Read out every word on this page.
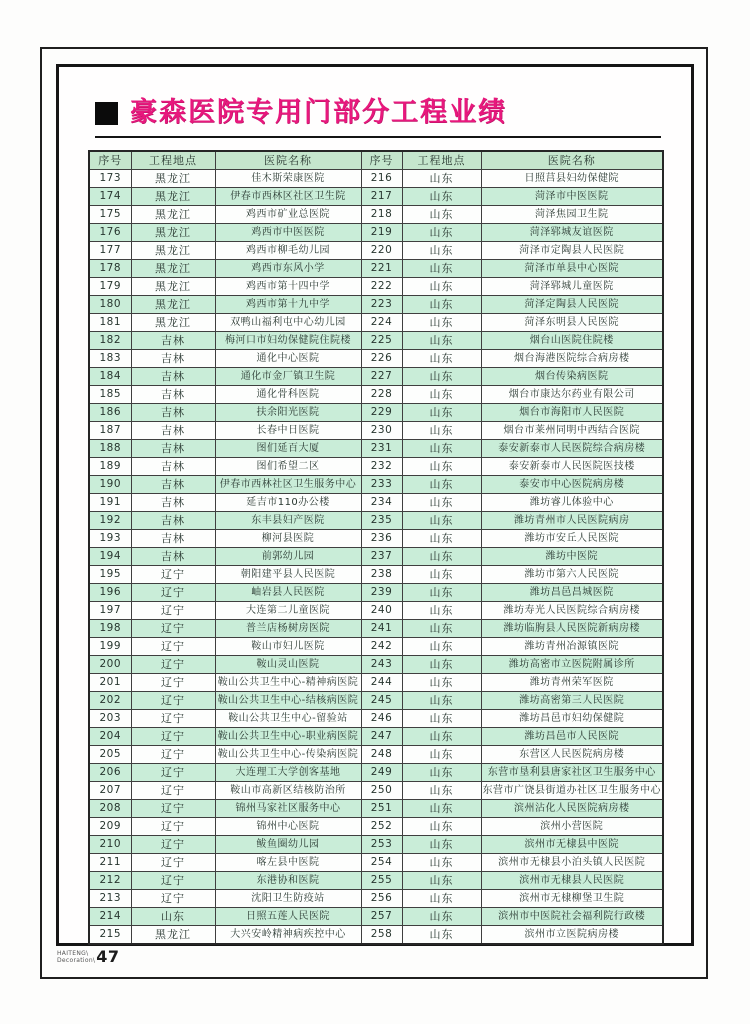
豪森医院专用门部分工程业绩
序号	工程地点	医院名称	序号	工程地点	医院名称
173	黑龙江	佳木斯荣康医院	216	山东	日照莒县妇幼保健院
174	黑龙江	伊春市西林区社区卫生院	217	山东	菏泽市中医医院
175	黑龙江	鸡西市矿业总医院	218	山东	菏泽焦园卫生院
176	黑龙江	鸡西市中医医院	219	山东	菏泽郓城友谊医院
177	黑龙江	鸡西市柳毛幼儿园	220	山东	菏泽市定陶县人民医院
178	黑龙江	鸡西市东风小学	221	山东	菏泽市单县中心医院
179	黑龙江	鸡西市第十四中学	222	山东	菏泽郓城儿童医院
180	黑龙江	鸡西市第十九中学	223	山东	菏泽定陶县人民医院
181	黑龙江	双鸭山福利屯中心幼儿园	224	山东	菏泽东明县人民医院
182	吉林	梅河口市妇幼保健院住院楼	225	山东	烟台山医院住院楼
183	吉林	通化中心医院	226	山东	烟台海港医院综合病房楼
184	吉林	通化市金厂镇卫生院	227	山东	烟台传染病医院
185	吉林	通化骨科医院	228	山东	烟台市康达尔药业有限公司
186	吉林	扶余阳光医院	229	山东	烟台市海阳市人民医院
187	吉林	长春中日医院	230	山东	烟台市莱州同明中西结合医院
188	吉林	图们延百大厦	231	山东	泰安新泰市人民医院综合病房楼
189	吉林	图们希望二区	232	山东	泰安新泰市人民医院医技楼
190	吉林	伊春市西林社区卫生服务中心	233	山东	泰安市中心医院病房楼
191	吉林	延吉市110办公楼	234	山东	潍坊睿儿体验中心
192	吉林	东丰县妇产医院	235	山东	潍坊青州市人民医院病房
193	吉林	柳河县医院	236	山东	潍坊市安丘人民医院
194	吉林	前郭幼儿园	237	山东	潍坊中医院
195	辽宁	朝阳建平县人民医院	238	山东	潍坊市第六人民医院
196	辽宁	岫岩县人民医院	239	山东	潍坊昌邑昌城医院
197	辽宁	大连第二儿童医院	240	山东	潍坊寿光人民医院综合病房楼
198	辽宁	普兰店杨树房医院	241	山东	潍坊临朐县人民医院新病房楼
199	辽宁	鞍山市妇儿医院	242	山东	潍坊青州冶源镇医院
200	辽宁	鞍山灵山医院	243	山东	潍坊高密市立医院附属诊所
201	辽宁	鞍山公共卫生中心-精神病医院	244	山东	潍坊青州荣军医院
202	辽宁	鞍山公共卫生中心-结核病医院	245	山东	潍坊高密第三人民医院
203	辽宁	鞍山公共卫生中心-留验站	246	山东	潍坊昌邑市妇幼保健院
204	辽宁	鞍山公共卫生中心-职业病医院	247	山东	潍坊昌邑市人民医院
205	辽宁	鞍山公共卫生中心-传染病医院	248	山东	东营区人民医院病房楼
206	辽宁	大连理工大学创客基地	249	山东	东营市垦利县唐家社区卫生服务中心
207	辽宁	鞍山市高新区结核防治所	250	山东	东营市广饶县街道办社区卫生服务中心
208	辽宁	锦州马家社区服务中心	251	山东	滨州沾化人民医院病房楼
209	辽宁	锦州中心医院	252	山东	滨州小营医院
210	辽宁	鲅鱼圈幼儿园	253	山东	滨州市无棣县中医院
211	辽宁	喀左县中医院	254	山东	滨州市无棣县小泊头镇人民医院
212	辽宁	东港协和医院	255	山东	滨州市无棣县人民医院
213	辽宁	沈阳卫生防疫站	256	山东	滨州市无棣柳堡卫生院
214	山东	日照五莲人民医院	257	山东	滨州市中医院社会福利院行政楼
215	黑龙江	大兴安岭精神病疾控中心	258	山东	滨州市立医院病房楼
HAITENG\
Decoration\ 47
